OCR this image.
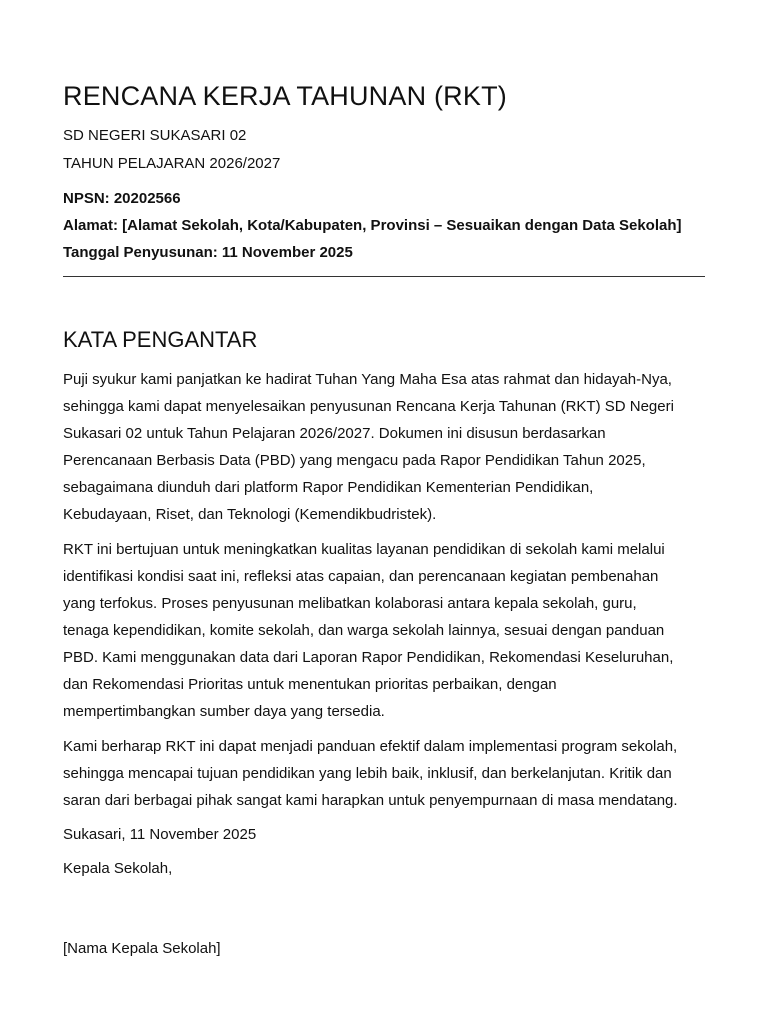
RENCANA KERJA TAHUNAN (RKT)

SD NEGERI SUKASARI 02

TAHUN PELAJARAN 2026/2027

NPSN: 20202566

Alamat: [Alamat Sekolah, Kota/Kabupaten, Provinsi – Sesuaikan dengan Data Sekolah]

Tanggal Penyusunan: 11 November 2025

KATA PENGANTAR
Puji syukur kami panjatkan ke hadirat Tuhan Yang Maha Esa atas rahmat dan hidayah-Nya,
sehingga kami dapat menyelesaikan penyusunan Rencana Kerja Tahunan (RKT) SD Negeri
Sukasari 02 untuk Tahun Pelajaran 2026/2027. Dokumen ini disusun berdasarkan
Perencanaan Berbasis Data (PBD) yang mengacu pada Rapor Pendidikan Tahun 2025,
sebagaimana diunduh dari platform Rapor Pendidikan Kementerian Pendidikan,
Kebudayaan, Riset, dan Teknologi (Kemendikbudristek).
RKT ini bertujuan untuk meningkatkan kualitas layanan pendidikan di sekolah kami melalui
identifikasi kondisi saat ini, refleksi atas capaian, dan perencanaan kegiatan pembenahan
yang terfokus. Proses penyusunan melibatkan kolaborasi antara kepala sekolah, guru,
tenaga kependidikan, komite sekolah, dan warga sekolah lainnya, sesuai dengan panduan
PBD. Kami menggunakan data dari Laporan Rapor Pendidikan, Rekomendasi Keseluruhan,
dan Rekomendasi Prioritas untuk menentukan prioritas perbaikan, dengan
mempertimbangkan sumber daya yang tersedia.
Kami berharap RKT ini dapat menjadi panduan efektif dalam implementasi program sekolah,
sehingga mencapai tujuan pendidikan yang lebih baik, inklusif, dan berkelanjutan. Kritik dan
saran dari berbagai pihak sangat kami harapkan untuk penyempurnaan di masa mendatang.

Sukasari, 11 November 2025

Kepala Sekolah,

[Nama Kepala Sekolah]
